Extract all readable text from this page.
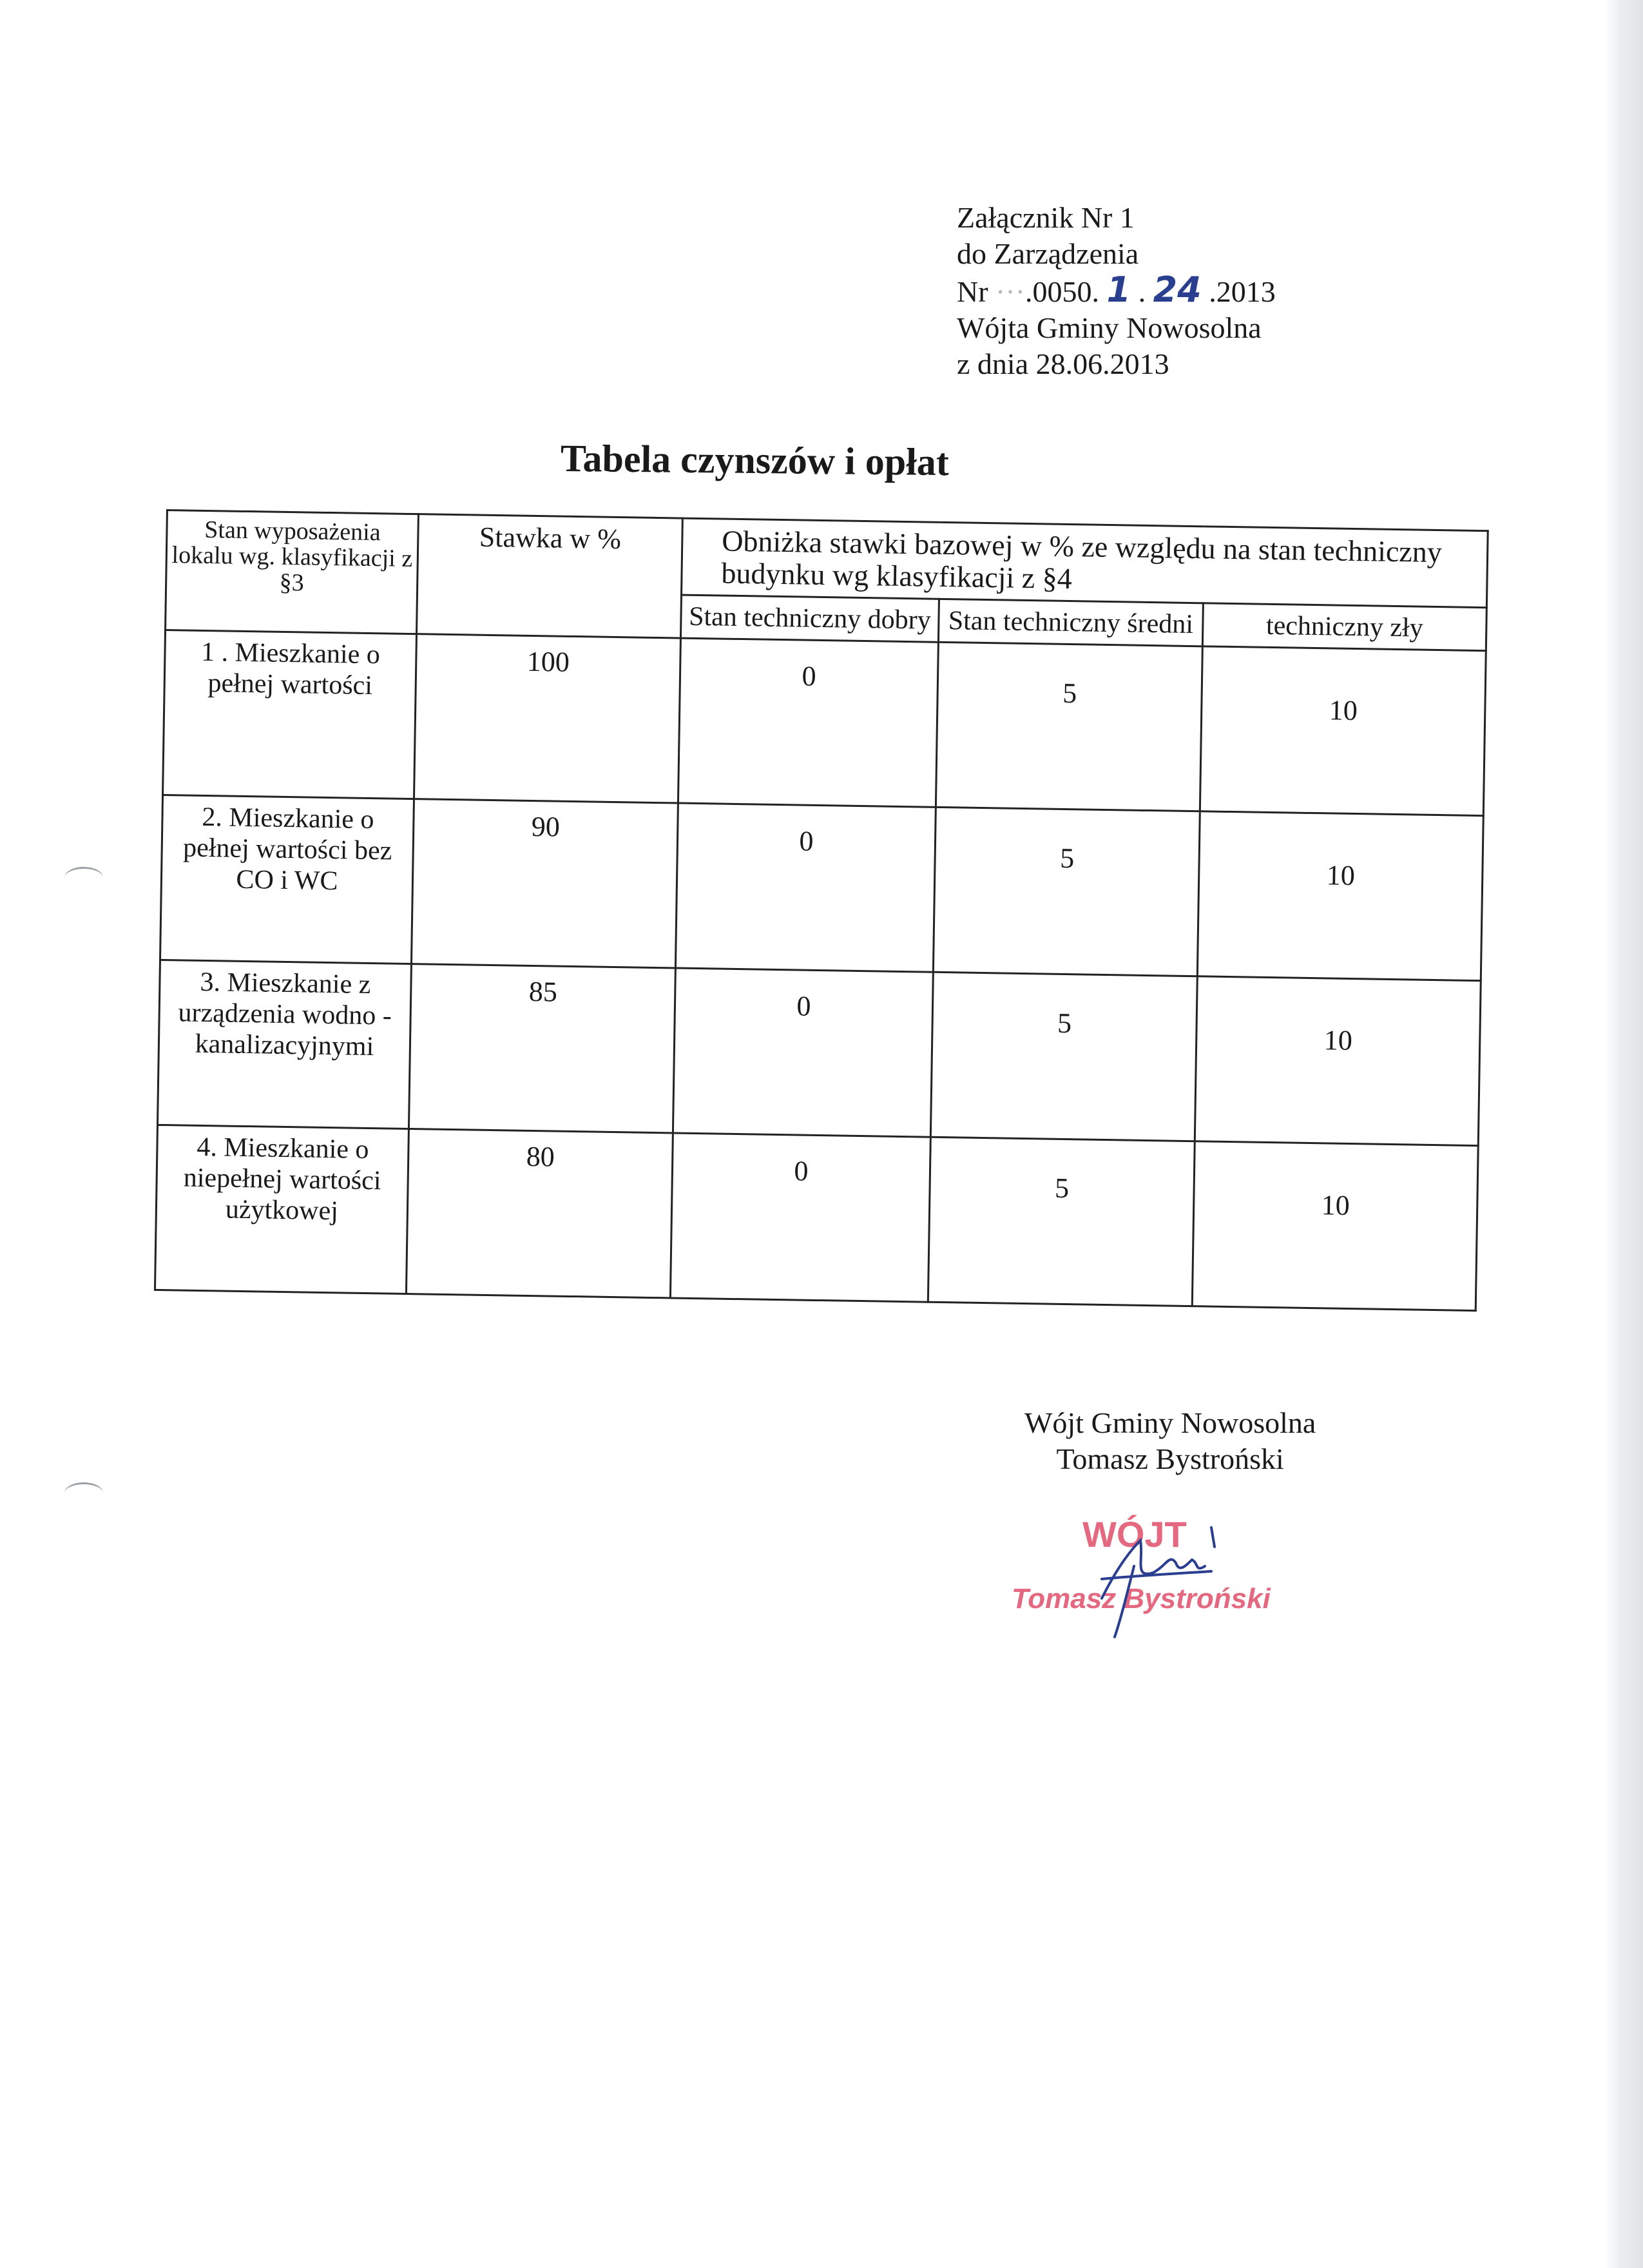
Załącznik Nr 1
do Zarządzenia
Nr ···.0050. 1 . 24 .2013
Wójta Gminy Nowosolna
z dnia 28.06.2013
Tabela czynszów i opłat
Stan wyposażenia lokalu wg. klasyfikacji z §3	Stawka w %	Obniżka stawki bazowej w % ze względu na stan techniczny budynku wg klasyfikacji z §4		
		Stan techniczny dobry	Stan techniczny średni	techniczny zły
1 . Mieszkanie o pełnej wartości	100	0	5	10
2. Mieszkanie o pełnej wartości bez CO i WC	90	0	5	10
3. Mieszkanie z urządzenia wodno - kanalizacyjnymi	85	0	5	10
4. Mieszkanie o niepełnej wartości użytkowej	80	0	5	10
Wójt Gminy Nowosolna
Tomasz Bystroński
WÓJT
Tomasz Bystroński
